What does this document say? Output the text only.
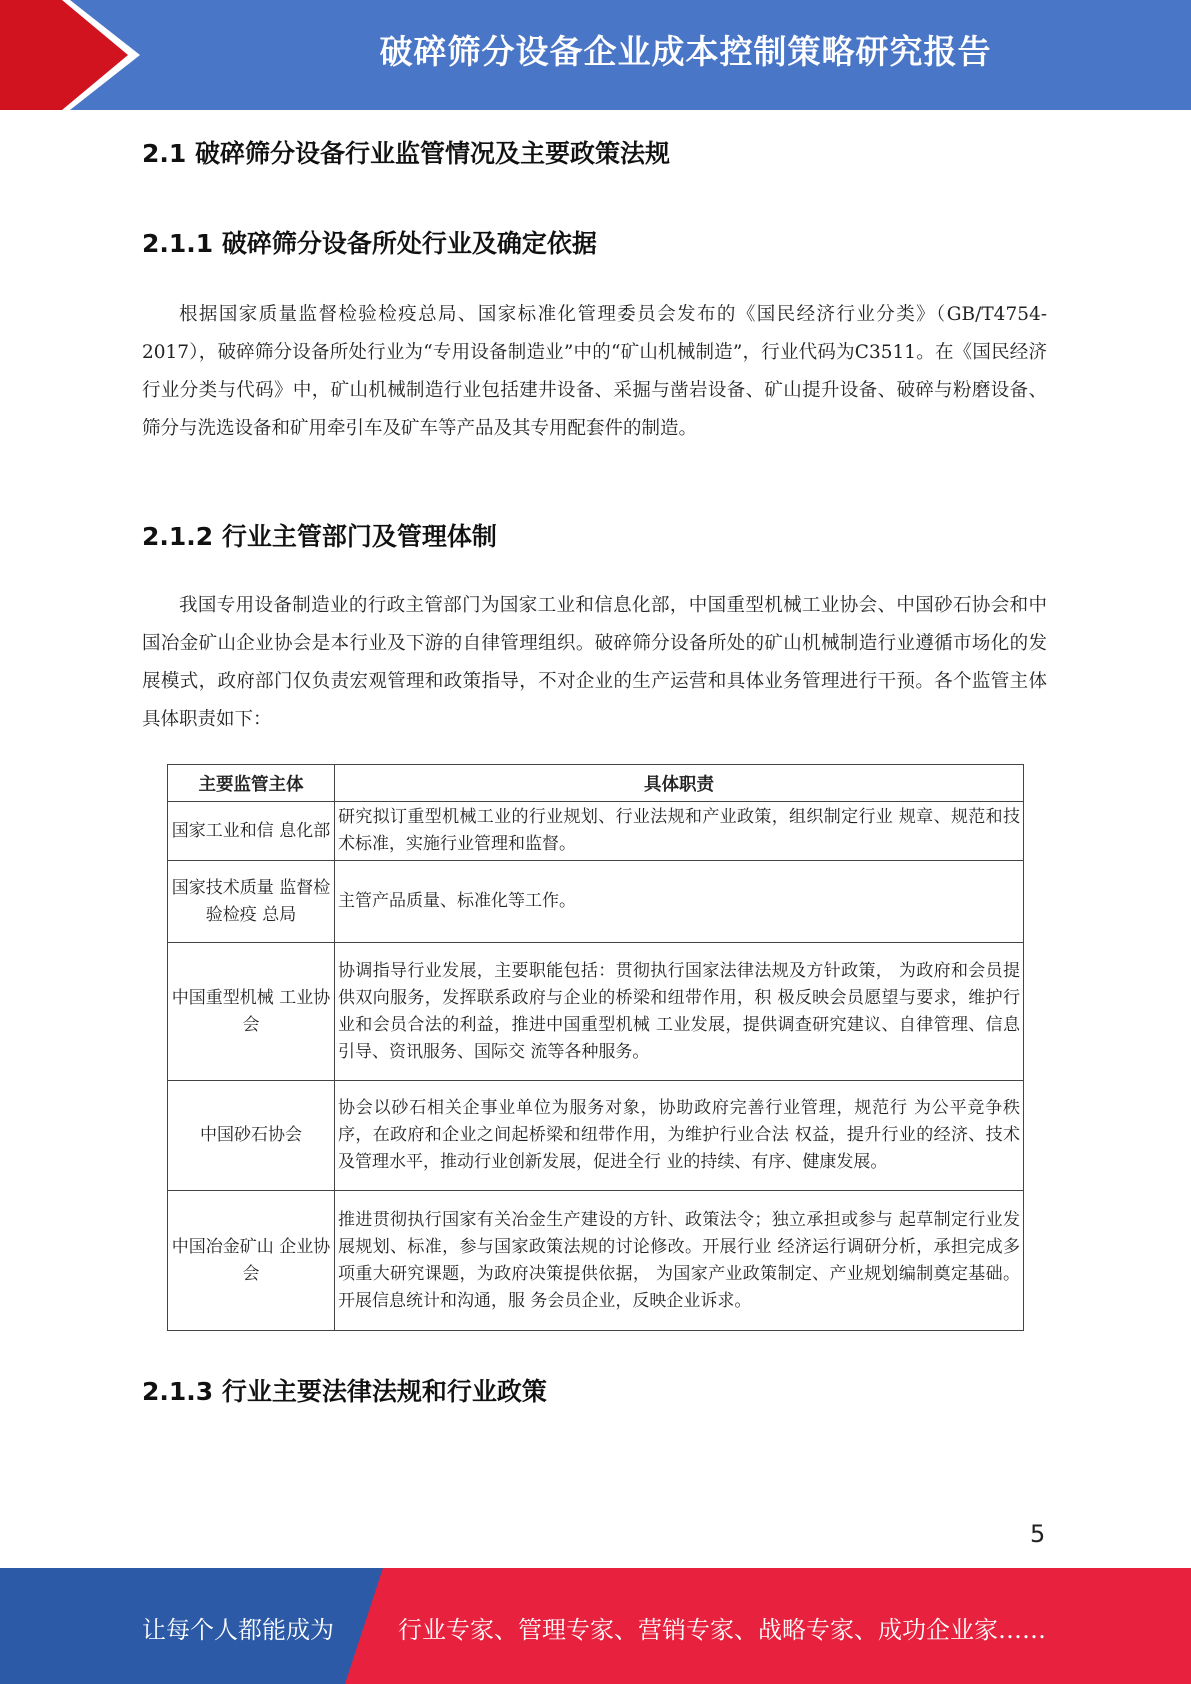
破碎筛分设备企业成本控制策略研究报告
2.1 破碎筛分设备行业监管情况及主要政策法规
2.1.1 破碎筛分设备所处行业及确定依据

根据国家质量监督检验检疫总局、国家标准化管理委员会发布的《国民经济行业分类》（GB/T4754-2017），破碎筛分设备所处行业为“专用设备制造业”中的“矿山机械制造”，行业代码为C3511。在《国民经济行业分类与代码》中，矿山机械制造行业包括建井设备、采掘与凿岩设备、矿山提升设备、破碎与粉磨设备、筛分与洗选设备和矿用牵引车及矿车等产品及其专用配套件的制造。

2.1.2 行业主管部门及管理体制

我国专用设备制造业的行政主管部门为国家工业和信息化部，中国重型机械工业协会、中国砂石协会和中国冶金矿山企业协会是本行业及下游的自律管理组织。破碎筛分设备所处的矿山机械制造行业遵循市场化的发展模式，政府部门仅负责宏观管理和政策指导，不对企业的生产运营和具体业务管理进行干预。各个监管主体具体职责如下：

主要监管主体	具体职责
国家工业和信 息化部	研究拟订重型机械工业的行业规划、行业法规和产业政策，组织制定行业 规章、规范和技术标准，实施行业管理和监督。
国家技术质量 监督检验检疫 总局	主管产品质量、标准化等工作。
中国重型机械 工业协会	协调指导行业发展，主要职能包括：贯彻执行国家法律法规及方针政策， 为政府和会员提供双向服务，发挥联系政府与企业的桥梁和纽带作用，积 极反映会员愿望与要求，维护行业和会员合法的利益，推进中国重型机械 工业发展，提供调查研究建议、自律管理、信息引导、资讯服务、国际交 流等各种服务。
中国砂石协会	协会以砂石相关企事业单位为服务对象，协助政府完善行业管理，规范行 为公平竞争秩序，在政府和企业之间起桥梁和纽带作用，为维护行业合法 权益，提升行业的经济、技术及管理水平，推动行业创新发展，促进全行 业的持续、有序、健康发展。
中国冶金矿山 企业协会	推进贯彻执行国家有关冶金生产建设的方针、政策法令；独立承担或参与 起草制定行业发展规划、标准，参与国家政策法规的讨论修改。开展行业 经济运行调研分析，承担完成多项重大研究课题，为政府决策提供依据， 为国家产业政策制定、产业规划编制奠定基础。开展信息统计和沟通，服 务会员企业，反映企业诉求。
2.1.3 行业主要法律法规和行业政策
5
让每个人都能成为	行业专家、管理专家、营销专家、战略专家、成功企业家……
